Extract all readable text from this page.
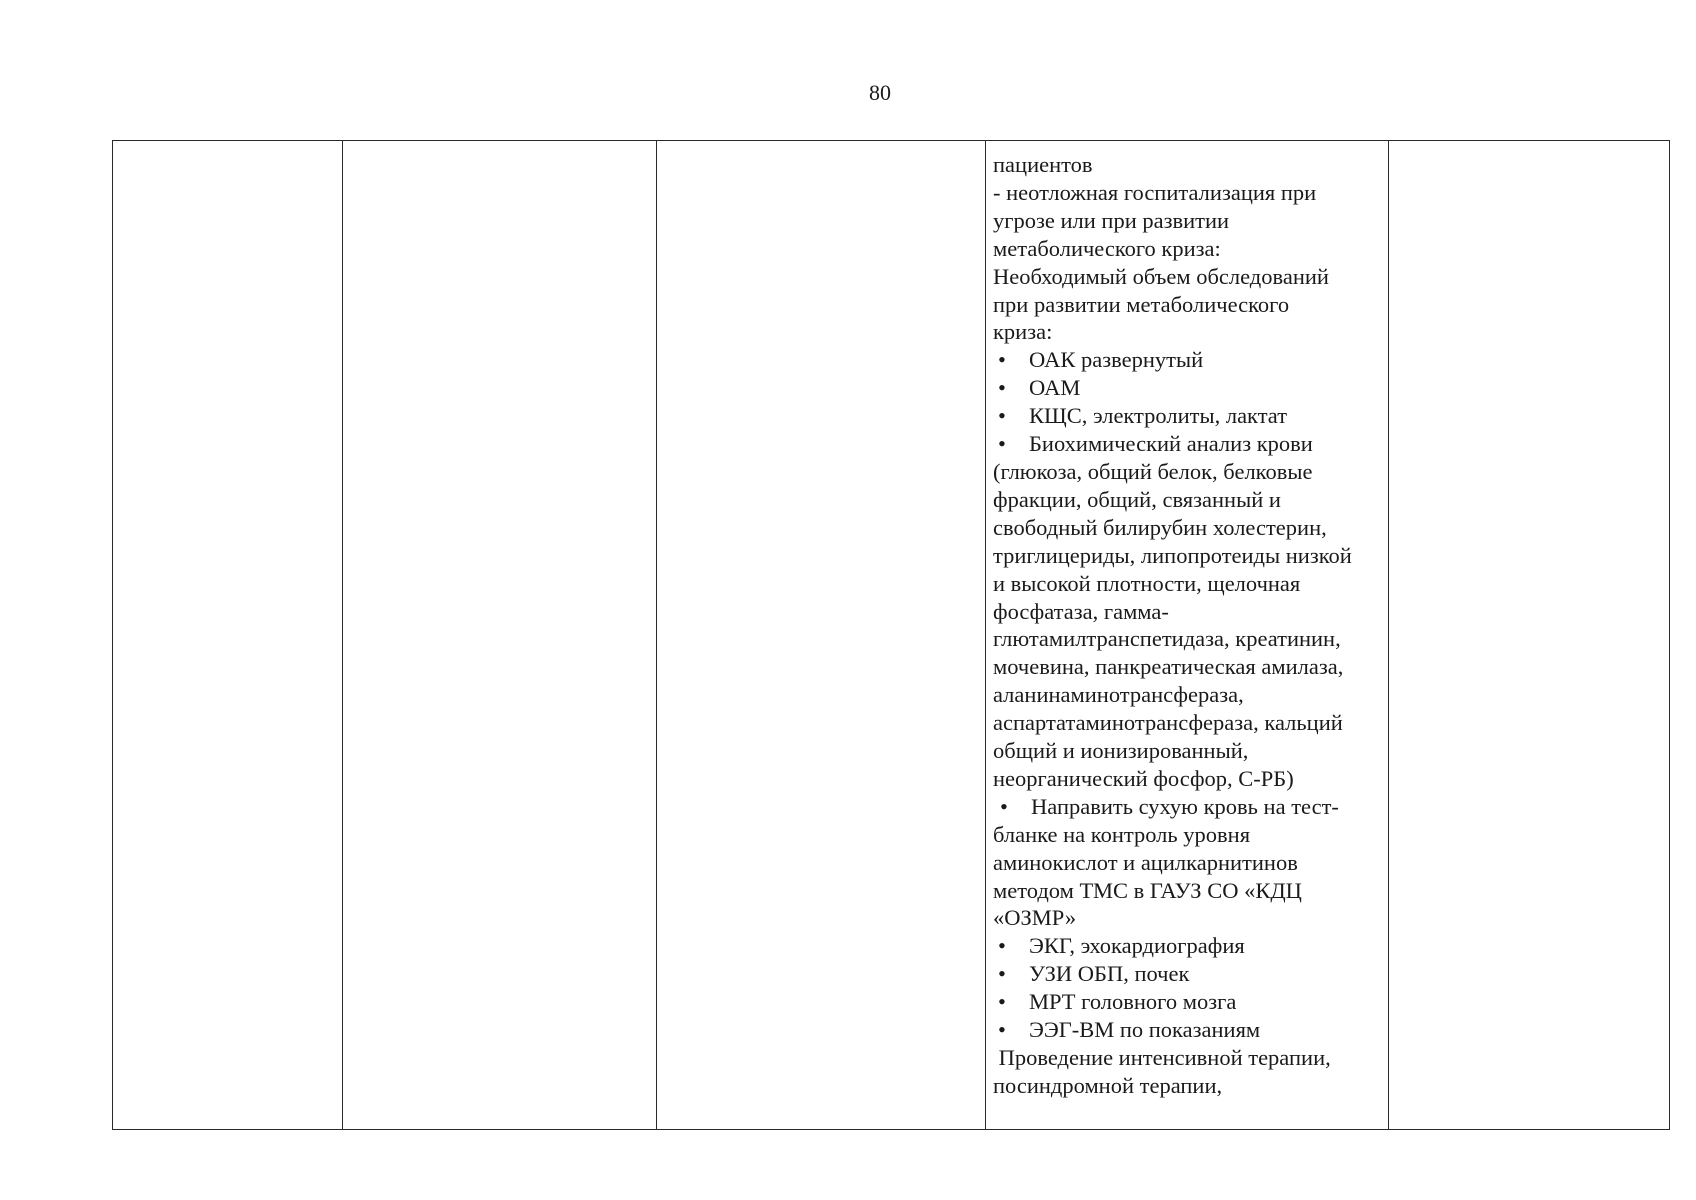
80

пациентов
- неотложная госпитализация при
угрозе или при развитии
метаболического криза:
Необходимый объем обследований
при развитии метаболического
криза:
• ОАК развернутый
• ОАМ
• КЩС, электролиты, лактат
• Биохимический анализ крови
(глюкоза, общий белок, белковые
фракции, общий, связанный и
свободный билирубин холестерин,
триглицериды, липопротеиды низкой
и высокой плотности, щелочная
фосфатаза, гамма-
глютамилтранспетидаза, креатинин,
мочевина, панкреатическая амилаза,
аланинаминотрансфераза,
аспартатаминотрансфераза, кальций
общий и ионизированный,
неорганический фосфор, С-РБ)
• Направить сухую кровь на тест-
бланке на контроль уровня
аминокислот и ацилкарнитинов
методом ТМС в ГАУЗ СО «КДЦ
«ОЗМР»
• ЭКГ, эхокардиография
• УЗИ ОБП, почек
• МРТ головного мозга
• ЭЭГ-ВМ по показаниям
Проведение интенсивной терапии,
посиндромной терапии,
